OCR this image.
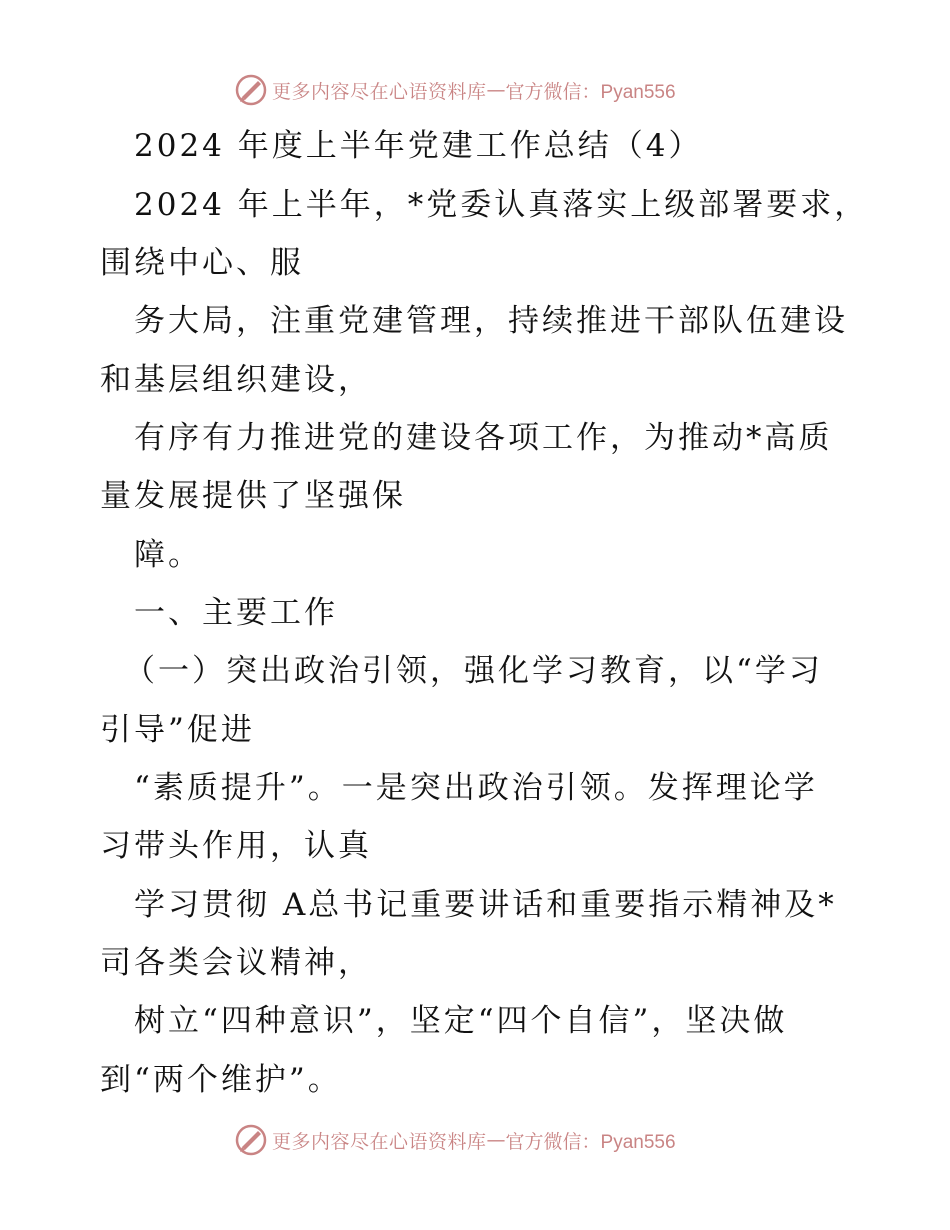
更多内容尽在心语资料库 — 官方微信：Pyan556
2024 年度上半年党建工作总结（4）
2024 年上半年，*党委认真落实上级部署要求，
围绕中心、服
务大局，注重党建管理，持续推进干部队伍建设
和基层组织建设，
有序有力推进党的建设各项工作，为推动*高质
量发展提供了坚强保
障。
一、主要工作
（一）突出政治引领，强化学习教育，以“学习
引导”促进
“素质提升”。一是突出政治引领。发挥理论学
习带头作用，认真
学习贯彻 A总书记重要讲话和重要指示精神及*
司各类会议精神，
树立“四种意识”，坚定“四个自信”，坚决做
到“两个维护”。
更多内容尽在心语资料库 — 官方微信：Pyan556
